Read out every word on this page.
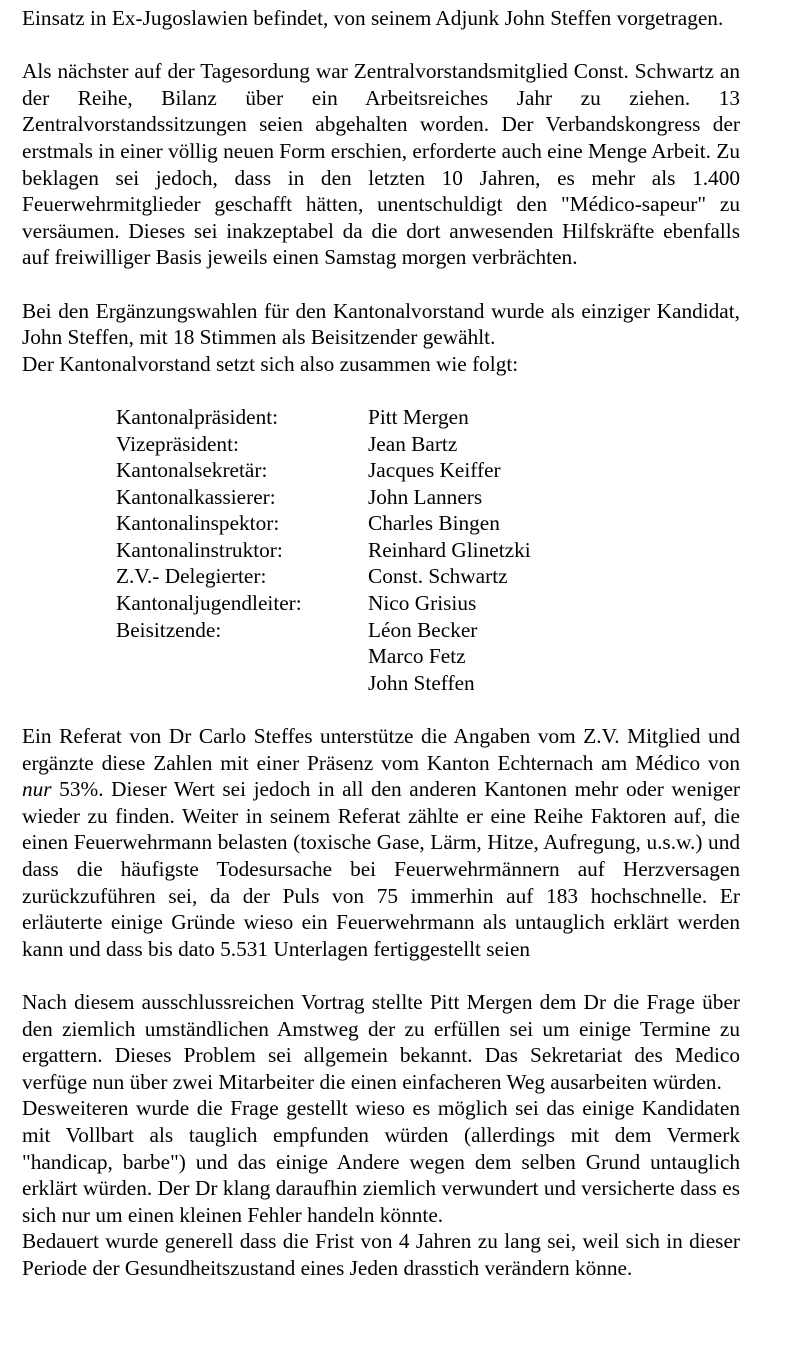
Einsatz in Ex-Jugoslawien befindet, von seinem Adjunk John Steffen vorgetragen.

Als nächster auf der Tagesordung war Zentralvorstandsmitglied Const. Schwartz an der Reihe, Bilanz über ein Arbeitsreiches Jahr zu ziehen. 13 Zentralvorstandssitzungen seien abgehalten worden. Der Verbandskongress der erstmals in einer völlig neuen Form erschien, erforderte auch eine Menge Arbeit. Zu beklagen sei jedoch, dass in den letzten 10 Jahren, es mehr als 1.400 Feuerwehrmitglieder geschafft hätten, unentschuldigt den "Médico-sapeur" zu versäumen. Dieses sei inakzeptabel da die dort anwesenden Hilfskräfte ebenfalls auf freiwilliger Basis jeweils einen Samstag morgen verbrächten.

Bei den Ergänzungswahlen für den Kantonalvorstand wurde als einziger Kandidat, John Steffen, mit 18 Stimmen als Beisitzender gewählt.

Der Kantonalvorstand setzt sich also zusammen wie folgt:

Kantonalpräsident:	Pitt Mergen
Vizepräsident:	Jean Bartz
Kantonalsekretär:	Jacques Keiffer
Kantonalkassierer:	John Lanners
Kantonalinspektor:	Charles Bingen
Kantonalinstruktor:	Reinhard Glinetzki
Z.V.- Delegierter:	Const. Schwartz
Kantonaljugendleiter:	Nico Grisius
Beisitzende:	Léon Becker
Marco Fetz
John Steffen

Ein Referat von Dr Carlo Steffes unterstütze die Angaben vom Z.V. Mitglied und ergänzte diese Zahlen mit einer Präsenz vom Kanton Echternach am Médico von nur 53%. Dieser Wert sei jedoch in all den anderen Kantonen mehr oder weniger wieder zu finden. Weiter in seinem Referat zählte er eine Reihe Faktoren auf, die einen Feuerwehrmann belasten (toxische Gase, Lärm, Hitze, Aufregung, u.s.w.) und dass die häufigste Todesursache bei Feuerwehrmännern auf Herzversagen zurückzuführen sei, da der Puls von 75 immerhin auf 183 hochschnelle. Er erläuterte einige Gründe wieso ein Feuerwehrmann als untauglich erklärt werden kann und dass bis dato 5.531 Unterlagen fertiggestellt seien

Nach diesem ausschlussreichen Vortrag stellte Pitt Mergen dem Dr die Frage über den ziemlich umständlichen Amstweg der zu erfüllen sei um einige Termine zu ergattern. Dieses Problem sei allgemein bekannt. Das Sekretariat des Medico verfüge nun über zwei Mitarbeiter die einen einfacheren Weg ausarbeiten würden.

Desweiteren wurde die Frage gestellt wieso es möglich sei das einige Kandidaten mit Vollbart als tauglich empfunden würden (allerdings mit dem Vermerk "handicap, barbe") und das einige Andere wegen dem selben Grund untauglich erklärt würden. Der Dr klang daraufhin ziemlich verwundert und versicherte dass es sich nur um einen kleinen Fehler handeln könnte.

Bedauert wurde generell dass die Frist von 4 Jahren zu lang sei, weil sich in dieser Periode der Gesundheitszustand eines Jeden drasstich verändern könne.
